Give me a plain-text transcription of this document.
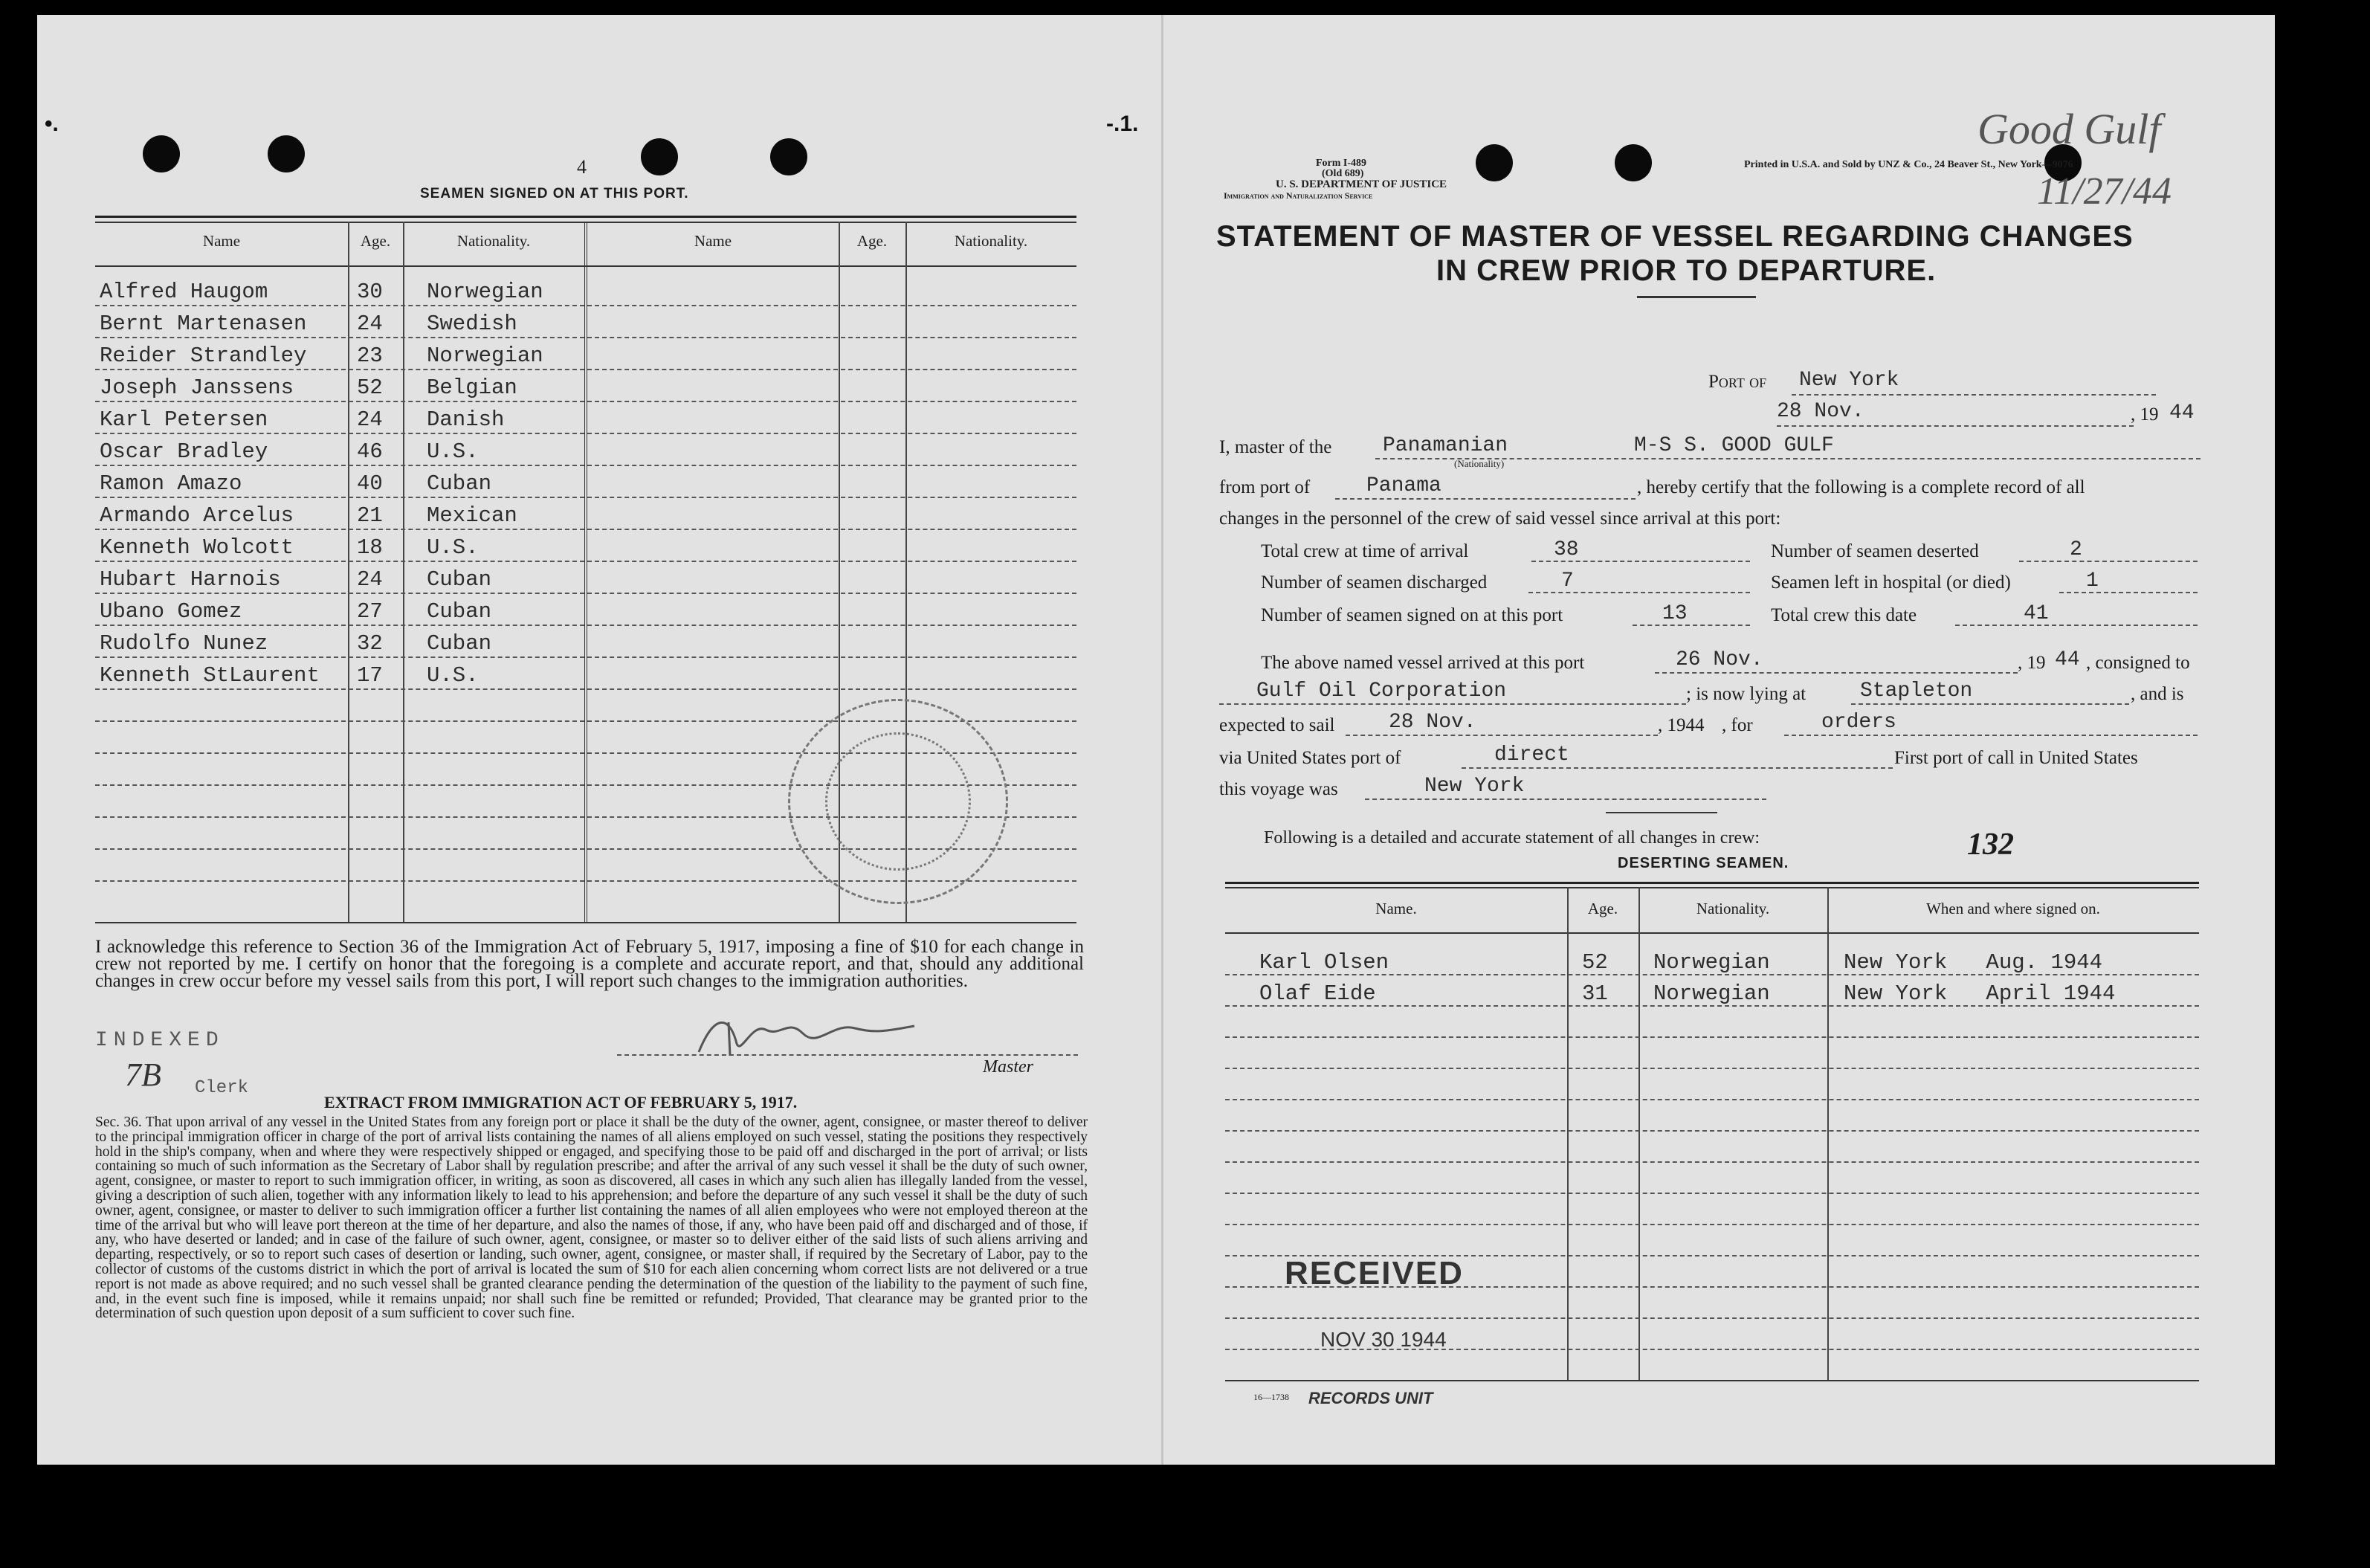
•.	-.1.
4
SEAMEN SIGNED ON AT THIS PORT.
Name	Age.	Nationality.	Name	Age.	Nationality.
Alfred Haugom	30 Norwegian
Bernt Martenasen 24 Swedish
Reider Strandley 23 Norwegian
Joseph Janssens	52 Belgian
Karl Petersen	24 Danish
Oscar Bradley	46 U.S.
Ramon Amazo	40 Cuban
Armando Arcelus	21 Mexican
Kenneth Wolcott	18 U.S.
Hubart Harnois	24 Cuban
Ubano Gomez	27 Cuban
Rudolfo Nunez	32 Cuban
Kenneth StLaurent 17 U.S.
I acknowledge this reference to Section 36 of the Immigration Act of February 5, 1917, imposing a fine of $10 for each change in crew not reported by me. I certify on honor that the foregoing is a complete and accurate report, and that, should any additional changes in crew occur before my vessel sails from this port, I will report such changes to the immigration authorities.
INDEXED
7B Clerk
Master
EXTRACT FROM IMMIGRATION ACT OF FEBRUARY 5, 1917.
Sec. 36. That upon arrival of any vessel in the United States from any foreign port or place it shall be the duty of the owner, agent, consignee, or master thereof to deliver to the principal immigration officer in charge of the port of arrival lists containing the names of all aliens employed on such vessel, stating the positions they respectively hold in the ship's company, when and where they were respectively shipped or engaged, and specifying those to be paid off and discharged in the port of arrival; or lists containing so much of such information as the Secretary of Labor shall by regulation prescribe; and after the arrival of any such vessel it shall be the duty of such owner, agent, consignee, or master to report to such immigration officer, in writing, as soon as discovered, all cases in which any such alien has illegally landed from the vessel, giving a description of such alien, together with any information likely to lead to his apprehension; and before the departure of any such vessel it shall be the duty of such owner, agent, consignee, or master to deliver to such immigration officer a further list containing the names of all alien employees who were not employed thereon at the time of the arrival but who will leave port thereon at the time of her departure, and also the names of those, if any, who have been paid off and discharged and of those, if any, who have deserted or landed; and in case of the failure of such owner, agent, consignee, or master so to deliver either of the said lists of such aliens arriving and departing, respectively, or so to report such cases of desertion or landing, such owner, agent, consignee, or master shall, if required by the Secretary of Labor, pay to the collector of customs of the customs district in which the port of arrival is located the sum of $10 for each alien concerning whom correct lists are not delivered or a true report is not made as above required; and no such vessel shall be granted clearance pending the determination of the question of the liability to the payment of such fine, and, in the event such fine is imposed, while it remains unpaid; nor shall such fine be remitted or refunded; Provided, That clearance may be granted prior to the determination of such question upon deposit of a sum sufficient to cover such fine.
Form I-489
(Old 689)
U. S. DEPARTMENT OF JUSTICE
Immigration and Naturalization Service
Printed in U.S.A. and Sold by UNZ & Co., 24 Beaver St., New York—9076
Good Gulf
11/27/44
STATEMENT OF MASTER OF VESSEL REGARDING CHANGES
IN CREW PRIOR TO DEPARTURE.
Port of New York
28 Nov.	, 19 44
I, master of the Panamanian
(Nationality)
M-S S. GOOD GULF
from port of	Panama	, hereby certify that the following is a complete record of all
changes in the personnel of the crew of said vessel since arrival at this port:
Total crew at time of arrival	38	Number of seamen deserted	2
Number of seamen discharged	7	Seamen left in hospital (or died)	1
Number of seamen signed on at this port	13	Total crew this date	41
The above named vessel arrived at this port	26 Nov.	, 19 44 , consigned to
Gulf Oil Corporation	; is now lying at	Stapleton	, and is
expected to sail	28 Nov.	, 1944 , for	orders
via United States port of	direct	First port of call in United States
this voyage was	New York
Following is a detailed and accurate statement of all changes in crew:	132
DESERTING SEAMEN.
Name.	Age.	Nationality.	When and where signed on.
Karl Olsen	52 Norwegian	New York   Aug. 1944
Olaf Eide	31 Norwegian	New York   April 1944
RECEIVED
NOV 30 1944
16—1738 RECORDS UNIT
